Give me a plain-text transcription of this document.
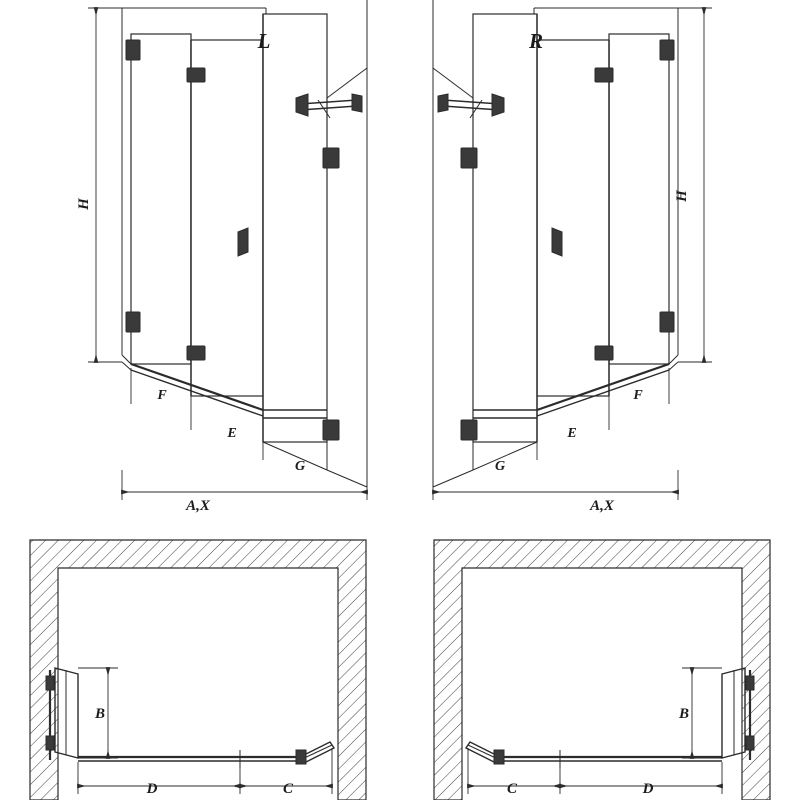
L	R
H
H
A,X	A,X
F
E
G
F
E
G
B
D	C
B
D
C
